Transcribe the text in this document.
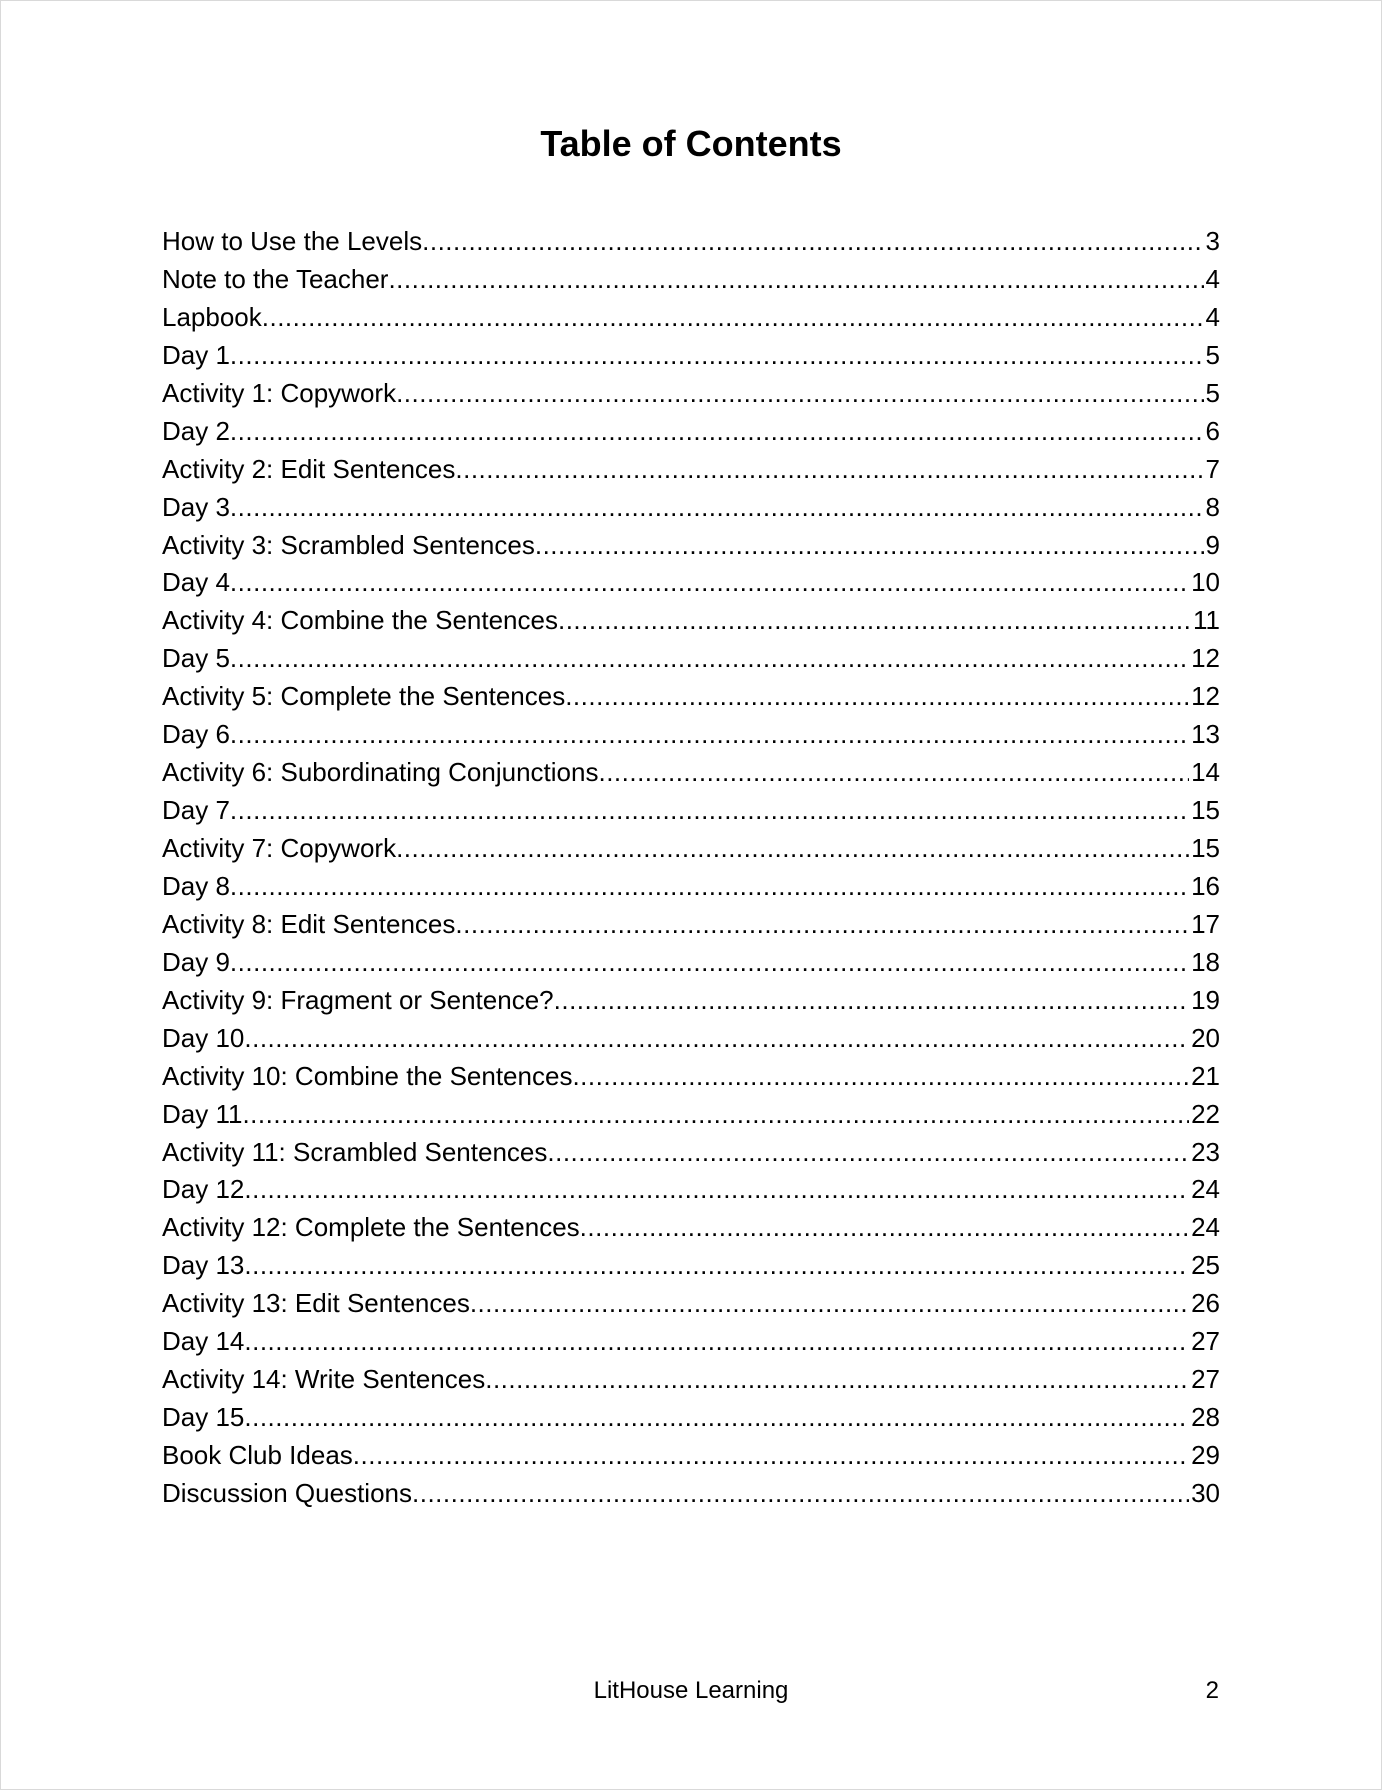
Table of Contents
How to Use the Levels .....	3
Note to the Teacher .....	4
Lapbook .....	4
Day 1 .....	5
Activity 1: Copywork .....	5
Day 2 .....	6
Activity 2: Edit Sentences .....	7
Day 3 .....	8
Activity 3: Scrambled Sentences .....	9
Day 4 .....	10
Activity 4: Combine the Sentences .....	11
Day 5 .....	12
Activity 5: Complete the Sentences .....	12
Day 6 .....	13
Activity 6: Subordinating Conjunctions .....	14
Day 7 .....	15
Activity 7: Copywork .....	15
Day 8 .....	16
Activity 8: Edit Sentences .....	17
Day 9 .....	18
Activity 9: Fragment or Sentence? .....	19
Day 10 .....	20
Activity 10: Combine the Sentences .....	21
Day 11 .....	22
Activity 11: Scrambled Sentences .....	23
Day 12 .....	24
Activity 12: Complete the Sentences .....	24
Day 13 .....	25
Activity 13: Edit Sentences .....	26
Day 14 .....	27
Activity 14: Write Sentences .....	27
Day 15 .....	28
Book Club Ideas .....	29
Discussion Questions .....	30
LitHouse Learning	2
